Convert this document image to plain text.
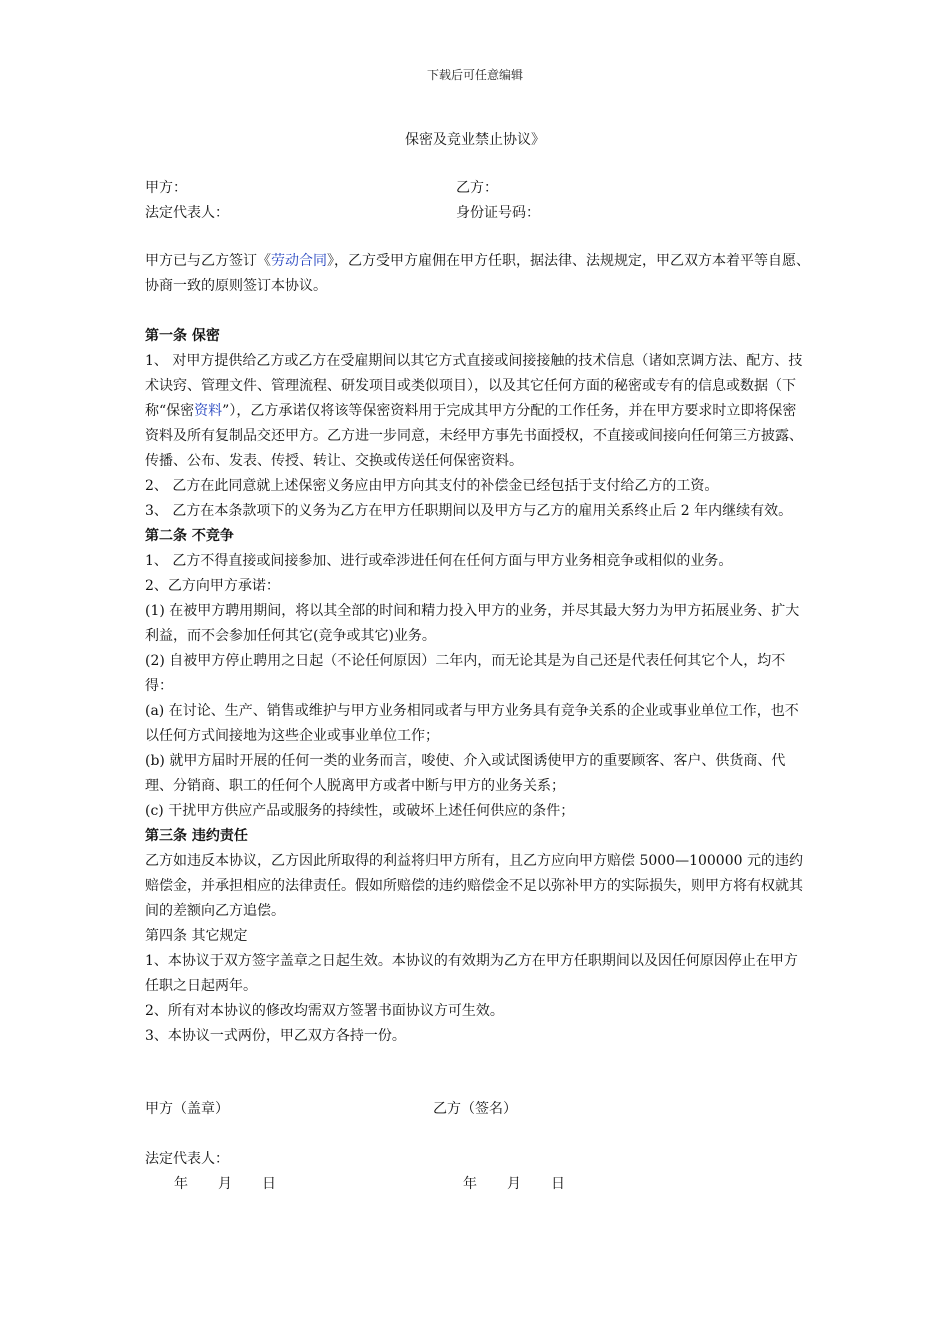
下载后可任意编辑
保密及竞业禁止协议》
甲方：	乙方：
法定代表人：	身份证号码：
甲方已与乙方签订《劳动合同》，乙方受甲方雇佣在甲方任职，据法律、法规规定，甲乙双方本着平等自愿、协商一致的原则签订本协议。
第一条 保密
1、 对甲方提供给乙方或乙方在受雇期间以其它方式直接或间接接触的技术信息（诸如烹调方法、配方、技术诀窍、管理文件、管理流程、研发项目或类似项目），以及其它任何方面的秘密或专有的信息或数据（下称“保密资料”），乙方承诺仅将该等保密资料用于完成其甲方分配的工作任务，并在甲方要求时立即将保密资料及所有复制品交还甲方。乙方进一步同意，未经甲方事先书面授权，不直接或间接向任何第三方披露、传播、公布、发表、传授、转让、交换或传送任何保密资料。
2、 乙方在此同意就上述保密义务应由甲方向其支付的补偿金已经包括于支付给乙方的工资。
3、 乙方在本条款项下的义务为乙方在甲方任职期间以及甲方与乙方的雇用关系终止后 2 年内继续有效。
第二条 不竞争
1、 乙方不得直接或间接参加、进行或牵涉进任何在任何方面与甲方业务相竞争或相似的业务。
2、乙方向甲方承诺：
(1) 在被甲方聘用期间，将以其全部的时间和精力投入甲方的业务，并尽其最大努力为甲方拓展业务、扩大利益，而不会参加任何其它(竞争或其它)业务。
(2) 自被甲方停止聘用之日起（不论任何原因）二年内，而无论其是为自己还是代表任何其它个人，均不得：
(a) 在讨论、生产、销售或维护与甲方业务相同或者与甲方业务具有竞争关系的企业或事业单位工作，也不以任何方式间接地为这些企业或事业单位工作；
(b) 就甲方届时开展的任何一类的业务而言，唆使、介入或试图诱使甲方的重要顾客、客户、供货商、代理、分销商、职工的任何个人脱离甲方或者中断与甲方的业务关系；
(c) 干扰甲方供应产品或服务的持续性，或破坏上述任何供应的条件；
第三条 违约责任
乙方如违反本协议，乙方因此所取得的利益将归甲方所有，且乙方应向甲方赔偿 5000—100000 元的违约赔偿金，并承担相应的法律责任。假如所赔偿的违约赔偿金不足以弥补甲方的实际损失，则甲方将有权就其间的差额向乙方追偿。
第四条 其它规定
1、本协议于双方签字盖章之日起生效。本协议的有效期为乙方在甲方任职期间以及因任何原因停止在甲方任职之日起两年。
2、所有对本协议的修改均需双方签署书面协议方可生效。
3、本协议一式两份，甲乙双方各持一份。
甲方（盖章）	乙方（签名）
法定代表人：
年 月 日	年 月 日
